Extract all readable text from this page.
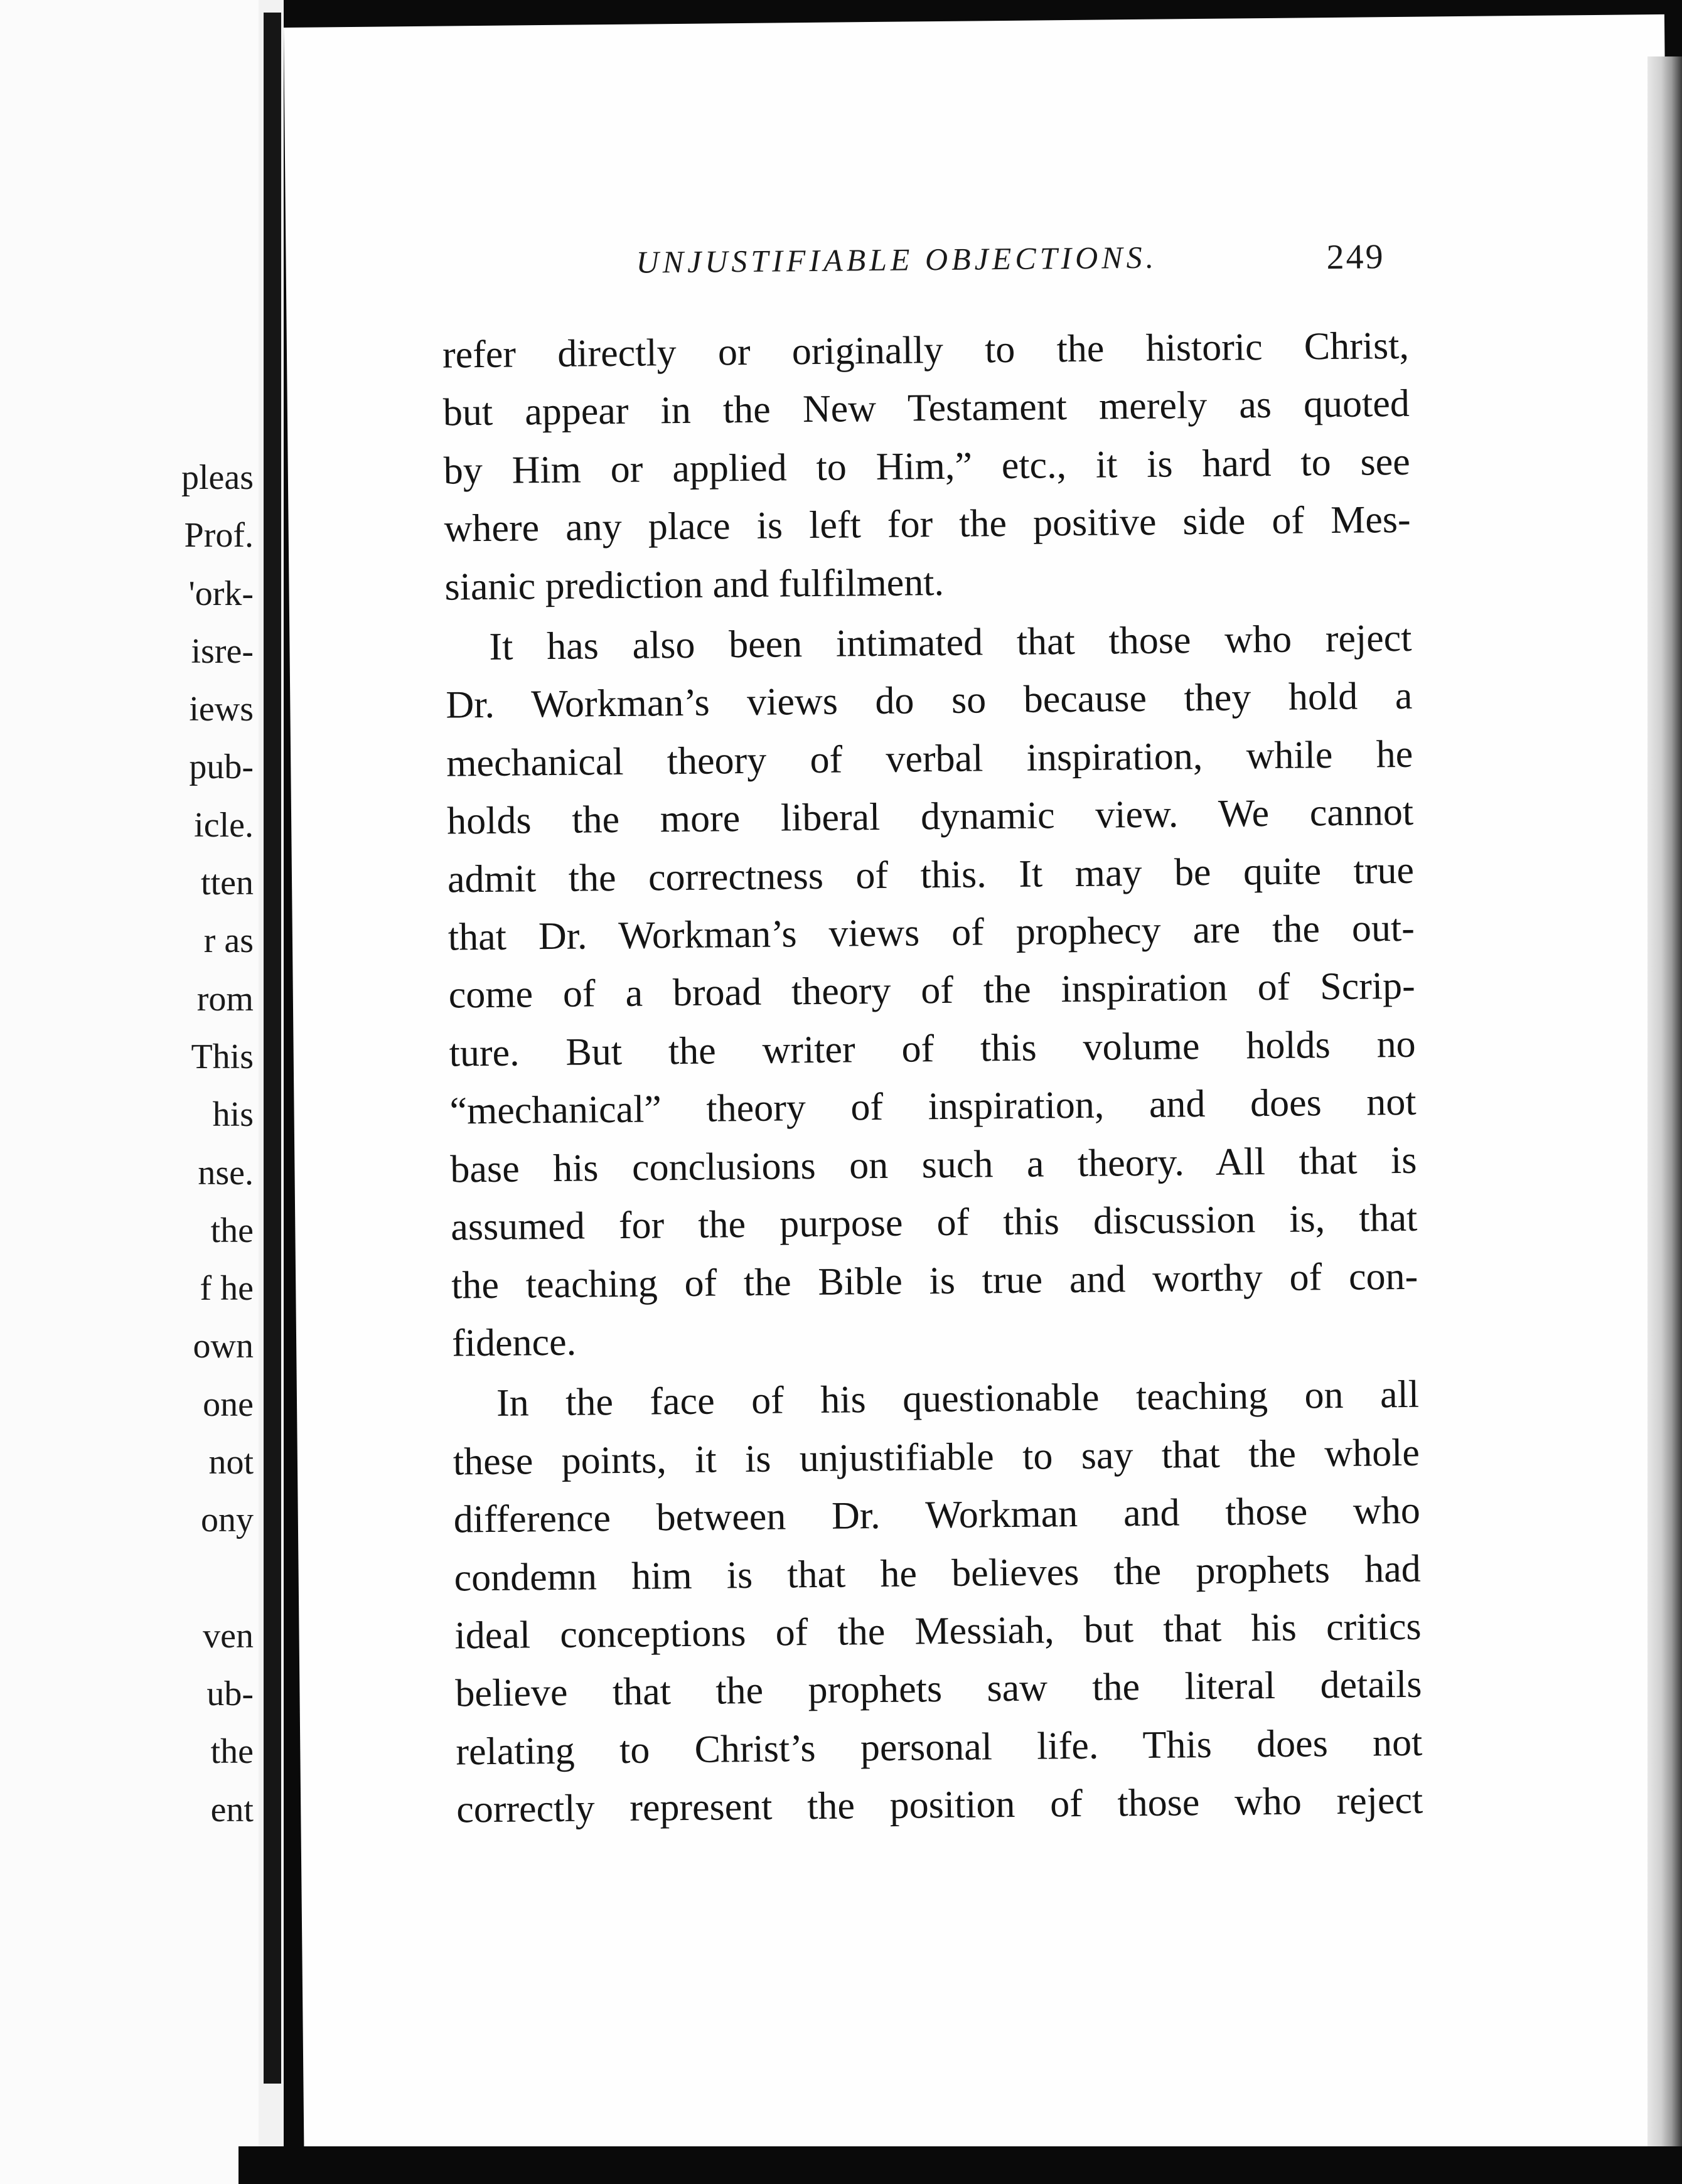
pleas
Prof.
'ork-
isre-
iews
pub-
icle.
tten
r as
rom
This
his
nse.
the
f he
own
one
not
ony
ven
ub-
the
ent
UNJUSTIFIABLE OBJECTIONS.	249
refer directly or originally to the historic Christ,
but appear in the New Testament merely as quoted
by Him or applied to Him,” etc., it is hard to see
where any place is left for the positive side of Mes-
sianic prediction and fulfilment.
It has also been intimated that those who reject
Dr. Workman’s views do so because they hold a
mechanical theory of verbal inspiration, while he
holds the more liberal dynamic view. We cannot
admit the correctness of this. It may be quite true
that Dr. Workman’s views of prophecy are the out-
come of a broad theory of the inspiration of Scrip-
ture. But the writer of this volume holds no
“mechanical” theory of inspiration, and does not
base his conclusions on such a theory. All that is
assumed for the purpose of this discussion is, that
the teaching of the Bible is true and worthy of con-
fidence.
In the face of his questionable teaching on all
these points, it is unjustifiable to say that the whole
difference between Dr. Workman and those who
condemn him is that he believes the prophets had
ideal conceptions of the Messiah, but that his critics
believe that the prophets saw the literal details
relating to Christ’s personal life. This does not
correctly represent the position of those who reject
